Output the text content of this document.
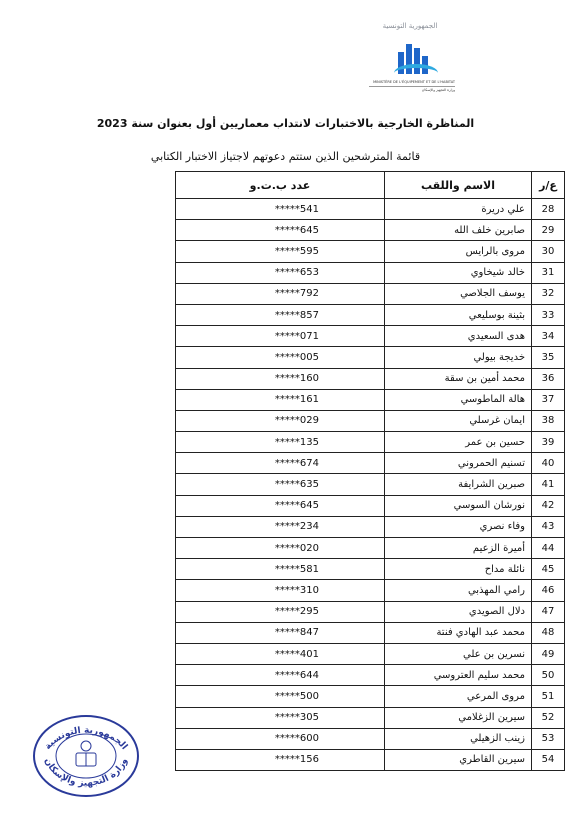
الجمهورية التونسية
MINISTÈRE DE L'ÉQUIPEMENT ET DE L'HABITAT
وزارة التجهيز والإسكان
المناظرة الخارجية بالاختبارات لانتداب معماريين أول بعنوان سنة 2023
قائمة المترشحين الذين ستتم دعوتهم لاجتياز الاختبار الكتابي
ع/ر	الاسم واللقب	عدد ب.ت.و
28	علي دريرة	*****541
29	صابرين خلف الله	*****645
30	مروى بالرايس	*****595
31	خالد شيخاوي	*****653
32	يوسف الجلاصي	*****792
33	بثينة بوسليعي	*****857
34	هدى السعيدي	*****071
35	خديجة بيولي	*****005
36	محمد أمين بن سقة	*****160
37	هالة الماطوسي	*****161
38	ايمان غرسلي	*****029
39	حسين بن عمر	*****135
40	تسنيم الحمروني	*****674
41	صبرين الشرايفة	*****635
42	نورشان السوسي	*****645
43	وفاء نصري	*****234
44	أميرة الزعيم	*****020
45	نائلة مداح	*****581
46	رامي المهذبي	*****310
47	دلال الصويدي	*****295
48	محمد عبد الهادي فنتة	*****847
49	نسرين بن علي	*****401
50	محمد سليم العتروسي	*****644
51	مروى المرعي	*****500
52	سيرين الزغلامي	*****305
53	زينب الزهيلي	*****600
54	سيرين القاطري	*****156
الجمهورية التونسية
وزارة التجهيز والإسكان
